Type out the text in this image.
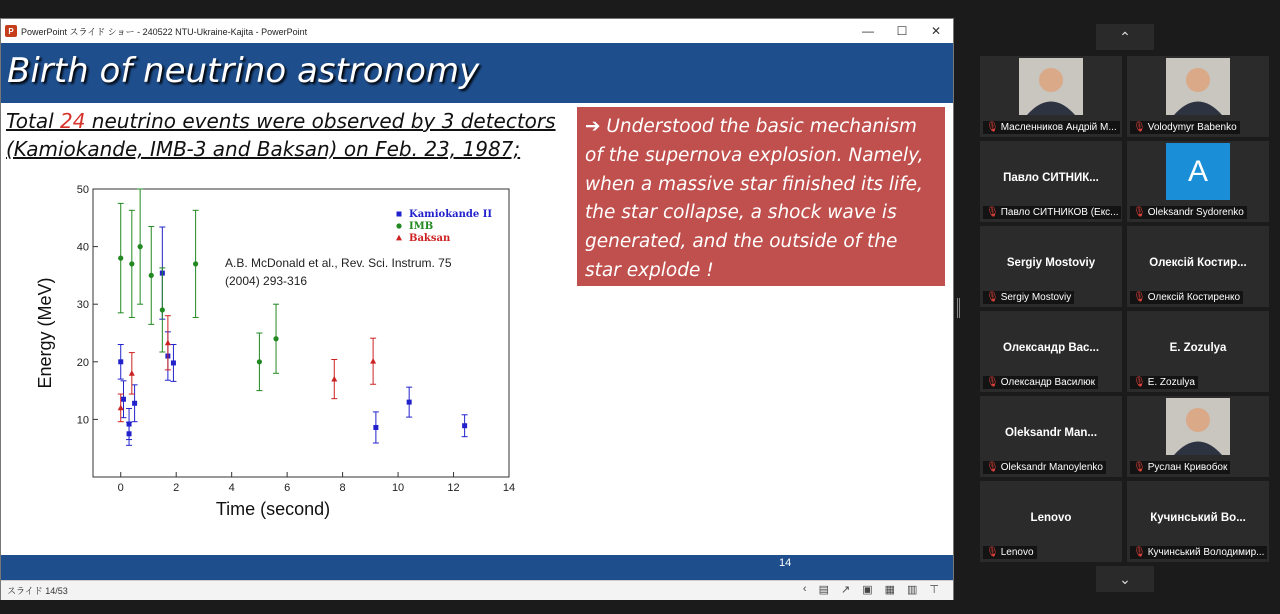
P PowerPoint スライド ショー - 240522 NTU-Ukraine-Kajita - PowerPoint	—	☐	✕
Birth of neutrino astronomy
Total 24 neutrino events were observed by 3 detectors (Kamiokande, IMB-3 and Baksan) on Feb. 23, 1987;
➔ Understood the basic mechanism of the supernova explosion. Namely, when a massive star finished its life, the star collapse, a shock wave is generated, and the outside of the star explode !
0	2	4	6	8	10	12	14
10
20
30
40
50
Energy (MeV)
Time (second)
A.B. McDonald et al., Rev. Sci. Instrum. 75
(2004) 293-316
Kamiokande II
IMB
Baksan
14
スライド 14/53	‹ ▤ ↗ ▣ ▦ ▥ ⊤
⌃
⌄
🎙 Масленников Андрій М... 🎙 Volodymyr Babenko
Павло СИТНИК...
🎙 Павло СИТНИКОВ (Екс...
A
🎙 Oleksandr Sydorenko
Sergiy Mostoviy
🎙 Sergiy Mostoviy
Олексій Костир...
🎙 Олексій Костиренко
Олександр Вас...
🎙 Олександр Василюк
E. Zozulya
🎙 E. Zozulya
Oleksandr Man...
🎙 Oleksandr Manoylenko	🎙 Руслан Кривобок
Lenovo
🎙 Lenovo
Кучинський Во...
🎙 Кучинський Володимир...
